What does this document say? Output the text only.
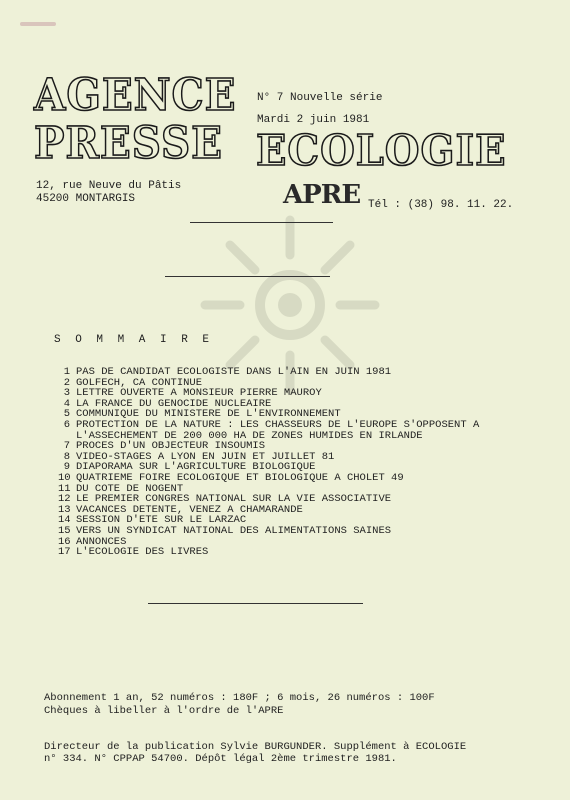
AGENCE
PRESSE ECOLOGIE
N° 7 Nouvelle série
Mardi 2 juin 1981
12, rue Neuve du Pâtis
45200 MONTARGIS	APRE Tél : (38) 98. 11. 22.
S O M M A I R E
1 PAS DE CANDIDAT ECOLOGISTE DANS L'AIN EN JUIN 1981
2 GOLFECH, CA CONTINUE
3 LETTRE OUVERTE A MONSIEUR PIERRE MAUROY
4 LA FRANCE DU GENOCIDE NUCLEAIRE
5 COMMUNIQUE DU MINISTERE DE L'ENVIRONNEMENT
6 PROTECTION DE LA NATURE : LES CHASSEURS DE L'EUROPE S'OPPOSENT A
L'ASSECHEMENT DE 200 000 HA DE ZONES HUMIDES EN IRLANDE
7 PROCES D'UN OBJECTEUR INSOUMIS
8 VIDEO-STAGES A LYON EN JUIN ET JUILLET 81
9 DIAPORAMA SUR L'AGRICULTURE BIOLOGIQUE
10 QUATRIEME FOIRE ECOLOGIQUE ET BIOLOGIQUE A CHOLET 49
11 DU COTE DE NOGENT
12 LE PREMIER CONGRES NATIONAL SUR LA VIE ASSOCIATIVE
13 VACANCES DETENTE, VENEZ A CHAMARANDE
14 SESSION D'ETE SUR LE LARZAC
15 VERS UN SYNDICAT NATIONAL DES ALIMENTATIONS SAINES
16 ANNONCES
17 L'ECOLOGIE DES LIVRES
Abonnement 1 an, 52 numéros : 180F ; 6 mois, 26 numéros : 100F
Chèques à libeller à l'ordre de l'APRE
Directeur de la publication Sylvie BURGUNDER. Supplément à ECOLOGIE
n° 334. N° CPPAP 54700. Dépôt légal 2ème trimestre 1981.
